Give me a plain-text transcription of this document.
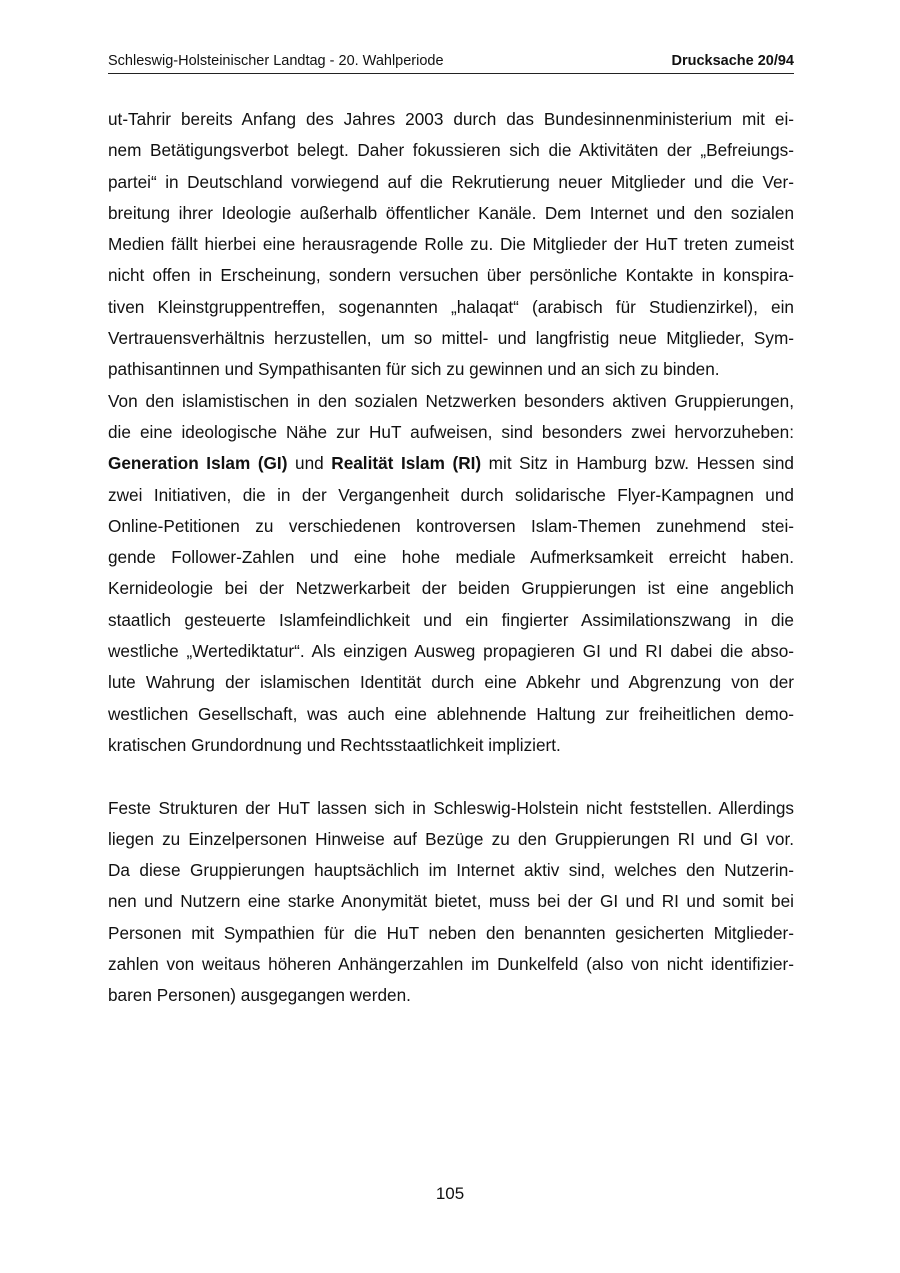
Schleswig-Holsteinischer Landtag - 20. Wahlperiode	Drucksache 20/94
ut-Tahrir bereits Anfang des Jahres 2003 durch das Bundesinnenministerium mit ei-
nem Betätigungsverbot belegt. Daher fokussieren sich die Aktivitäten der „Befreiungs-
partei“ in Deutschland vorwiegend auf die Rekrutierung neuer Mitglieder und die Ver-
breitung ihrer Ideologie außerhalb öffentlicher Kanäle. Dem Internet und den sozialen
Medien fällt hierbei eine herausragende Rolle zu. Die Mitglieder der HuT treten zumeist
nicht offen in Erscheinung, sondern versuchen über persönliche Kontakte in konspira-
tiven Kleinstgruppentreffen, sogenannten „halaqat“ (arabisch für Studienzirkel), ein
Vertrauensverhältnis herzustellen, um so mittel- und langfristig neue Mitglieder, Sym-
pathisantinnen und Sympathisanten für sich zu gewinnen und an sich zu binden.
Von den islamistischen in den sozialen Netzwerken besonders aktiven Gruppierungen,
die eine ideologische Nähe zur HuT aufweisen, sind besonders zwei hervorzuheben:
Generation Islam (GI) und Realität Islam (RI) mit Sitz in Hamburg bzw. Hessen sind
zwei Initiativen, die in der Vergangenheit durch solidarische Flyer-Kampagnen und
Online-Petitionen zu verschiedenen kontroversen Islam-Themen zunehmend stei-
gende Follower-Zahlen und eine hohe mediale Aufmerksamkeit erreicht haben.
Kernideologie bei der Netzwerkarbeit der beiden Gruppierungen ist eine angeblich
staatlich gesteuerte Islamfeindlichkeit und ein fingierter Assimilationszwang in die
westliche „Wertediktatur“. Als einzigen Ausweg propagieren GI und RI dabei die abso-
lute Wahrung der islamischen Identität durch eine Abkehr und Abgrenzung von der
westlichen Gesellschaft, was auch eine ablehnende Haltung zur freiheitlichen demo-
kratischen Grundordnung und Rechtsstaatlichkeit impliziert.
Feste Strukturen der HuT lassen sich in Schleswig-Holstein nicht feststellen. Allerdings
liegen zu Einzelpersonen Hinweise auf Bezüge zu den Gruppierungen RI und GI vor.
Da diese Gruppierungen hauptsächlich im Internet aktiv sind, welches den Nutzerin-
nen und Nutzern eine starke Anonymität bietet, muss bei der GI und RI und somit bei
Personen mit Sympathien für die HuT neben den benannten gesicherten Mitglieder-
zahlen von weitaus höheren Anhängerzahlen im Dunkelfeld (also von nicht identifizier-
baren Personen) ausgegangen werden.
105
